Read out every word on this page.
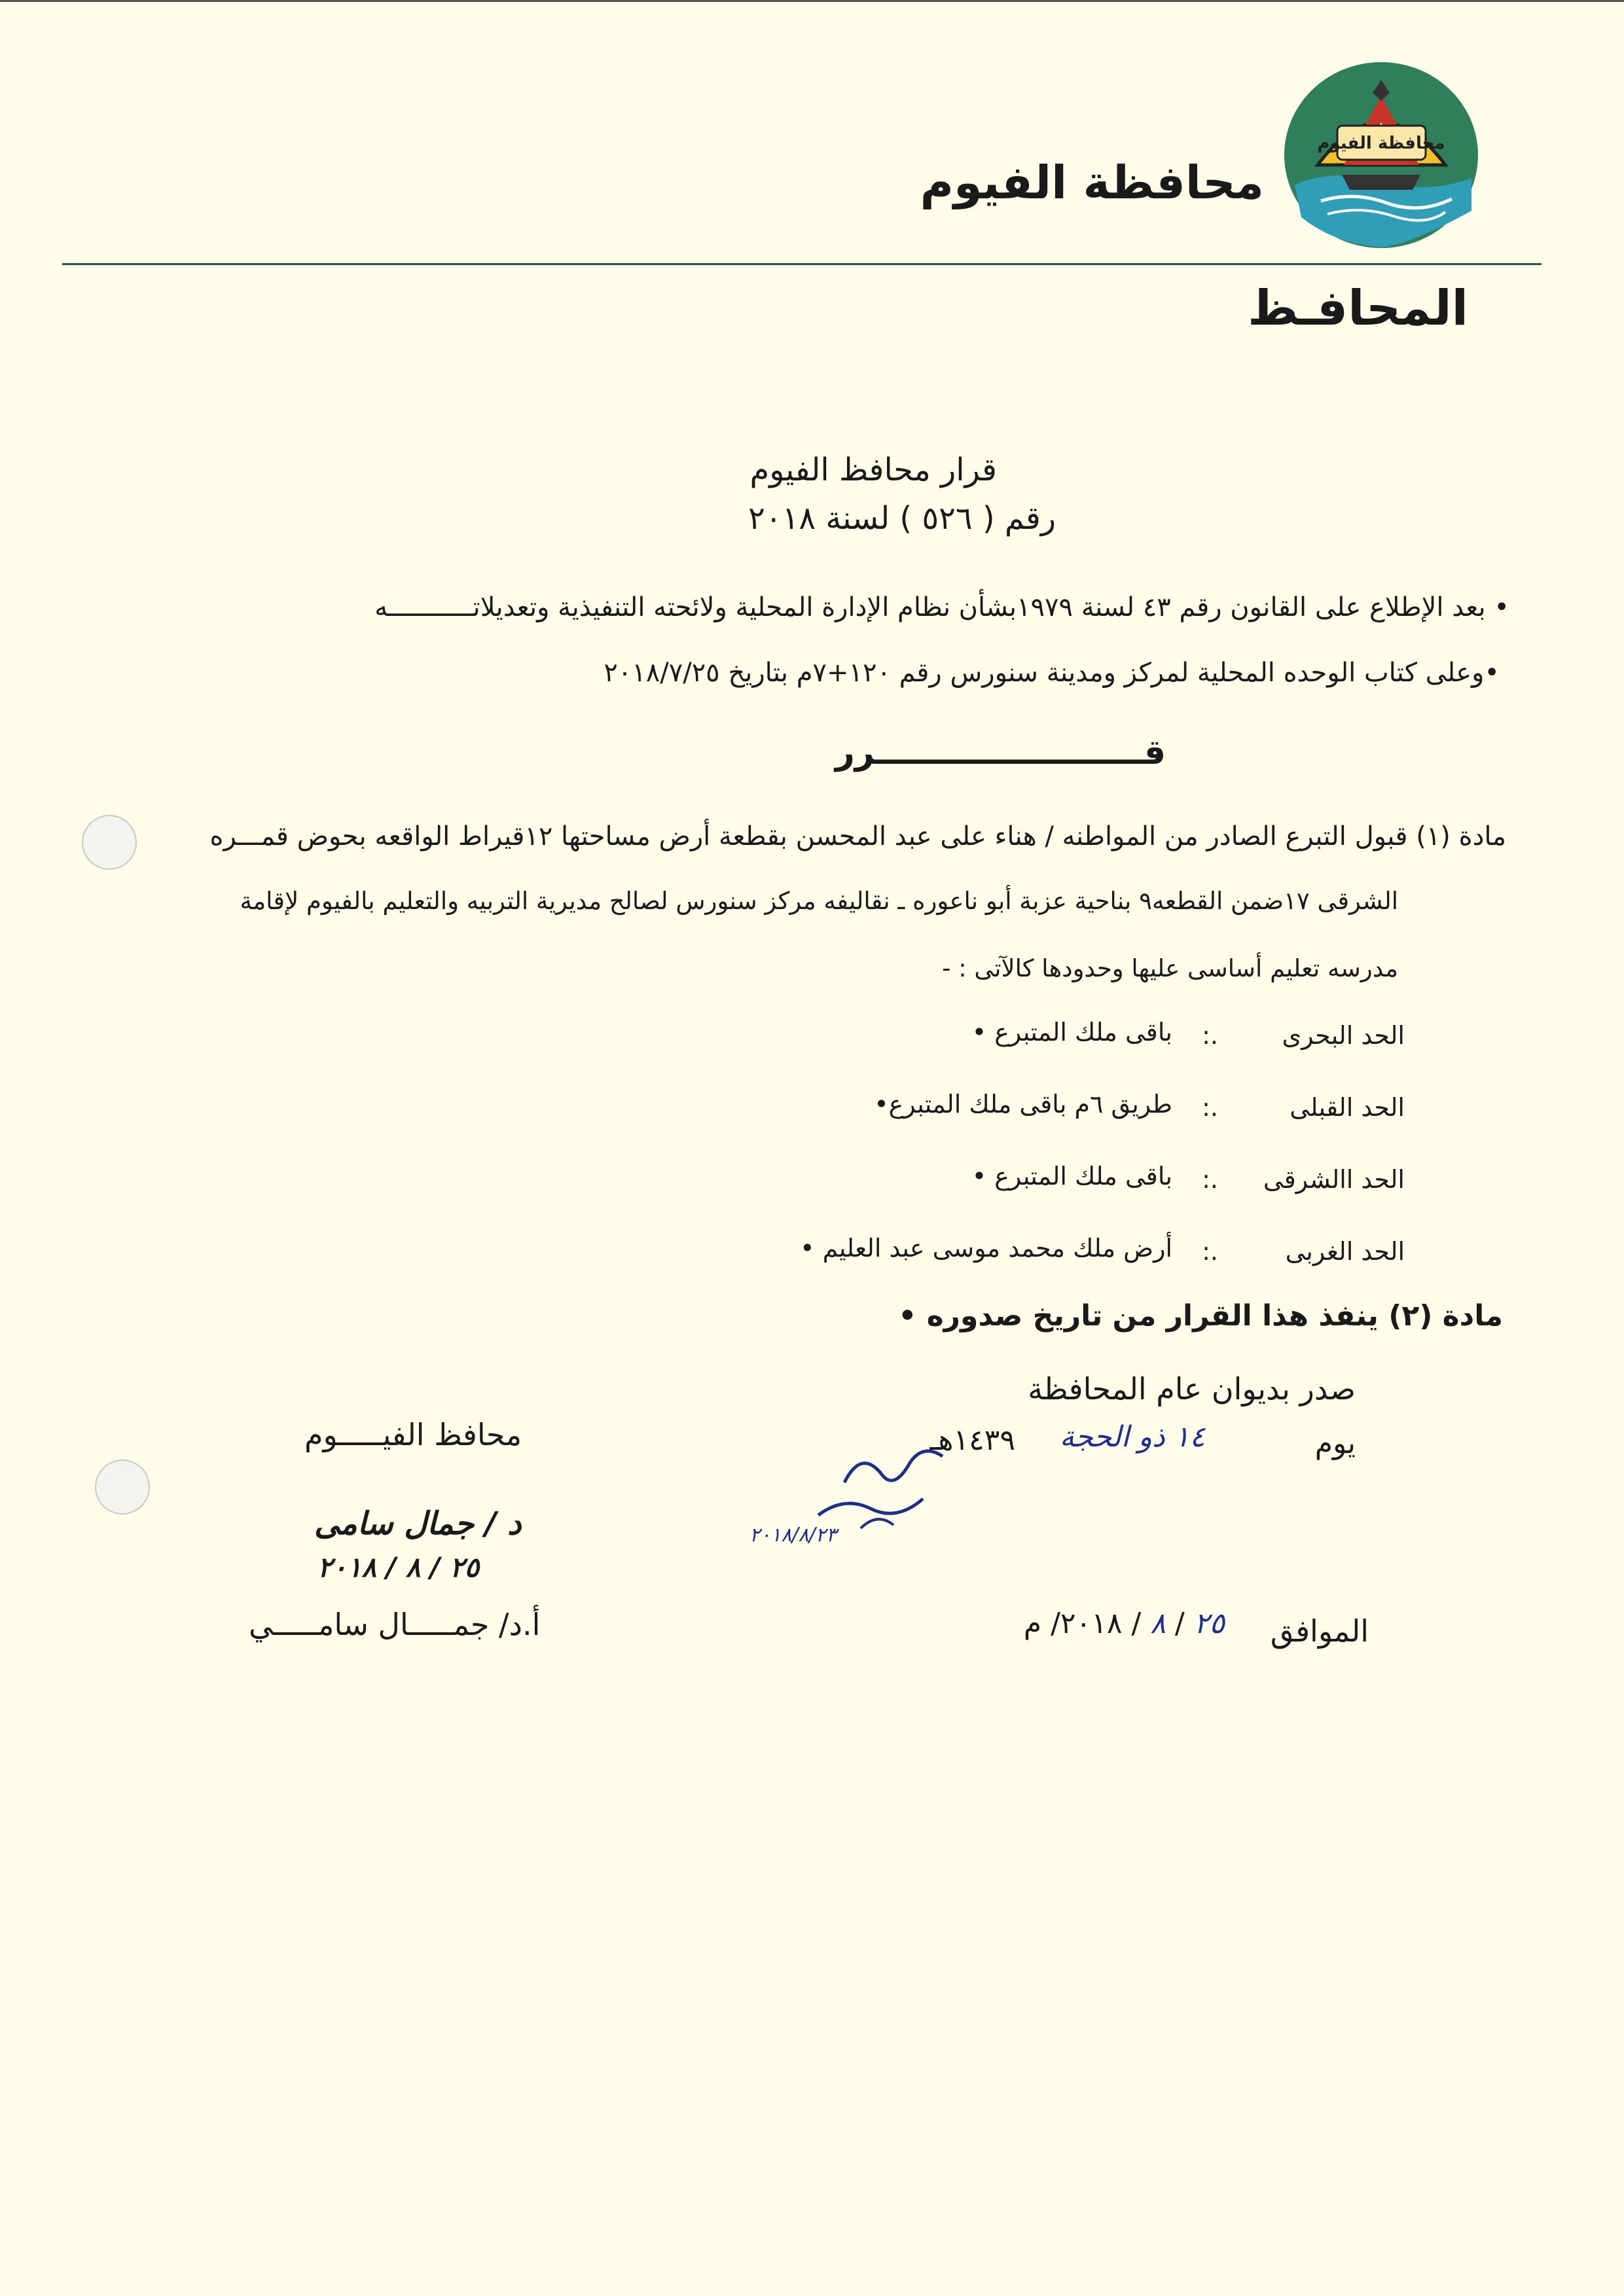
محافظة الفيوم
محافظة الفيوم
المحافـظ
قرار محافظ الفيوم
رقم ( ٥٢٦ ) لسنة ٢٠١٨
• بعد الإطلاع على القانون رقم ٤٣ لسنة ١٩٧٩بشأن نظام الإدارة المحلية ولائحته التنفيذية وتعديلاتـــــــــــه
•وعلى كتاب الوحده المحلية لمركز ومدينة سنورس رقم ١٢٠+٧م بتاريخ ٢٠١٨/٧/٢٥
قـــــــــــــــــــــــرر
مادة (١) قبول التبرع الصادر من المواطنه / هناء على عبد المحسن بقطعة أرض مساحتها ١٢قيراط الواقعه بحوض قمـــره
الشرقى ١٧ضمن القطعه٩ بناحية عزبة أبو ناعوره ـ نقاليفه مركز سنورس لصالح مديرية التربيه والتعليم بالفيوم لإقامة
مدرسه تعليم أساسى عليها وحدودها كالآتى : -
الحد البحرى
:.
باقى ملك المتبرع •
الحد القبلى
:.
طريق ٦م باقى ملك المتبرع•
الحد االشرقى
:.
باقى ملك المتبرع •
الحد الغربى
:.
أرض ملك محمد موسى عبد العليم •
مادة (٢) ينفذ هذا القرار من تاريخ صدوره •
صدر بديوان عام المحافظة
يوم
١٤ ذو الحجة
١٤٣٩هـ
الموافق
٢٥ / ٨ / ٢٠١٨/ م
محافظ الفيـــــوم
د / جمال سامى
٢٥ / ٨ / ٢٠١٨
أ.د/ جمـــــال سامـــــي
٢٠١٨/٨/٢٣
